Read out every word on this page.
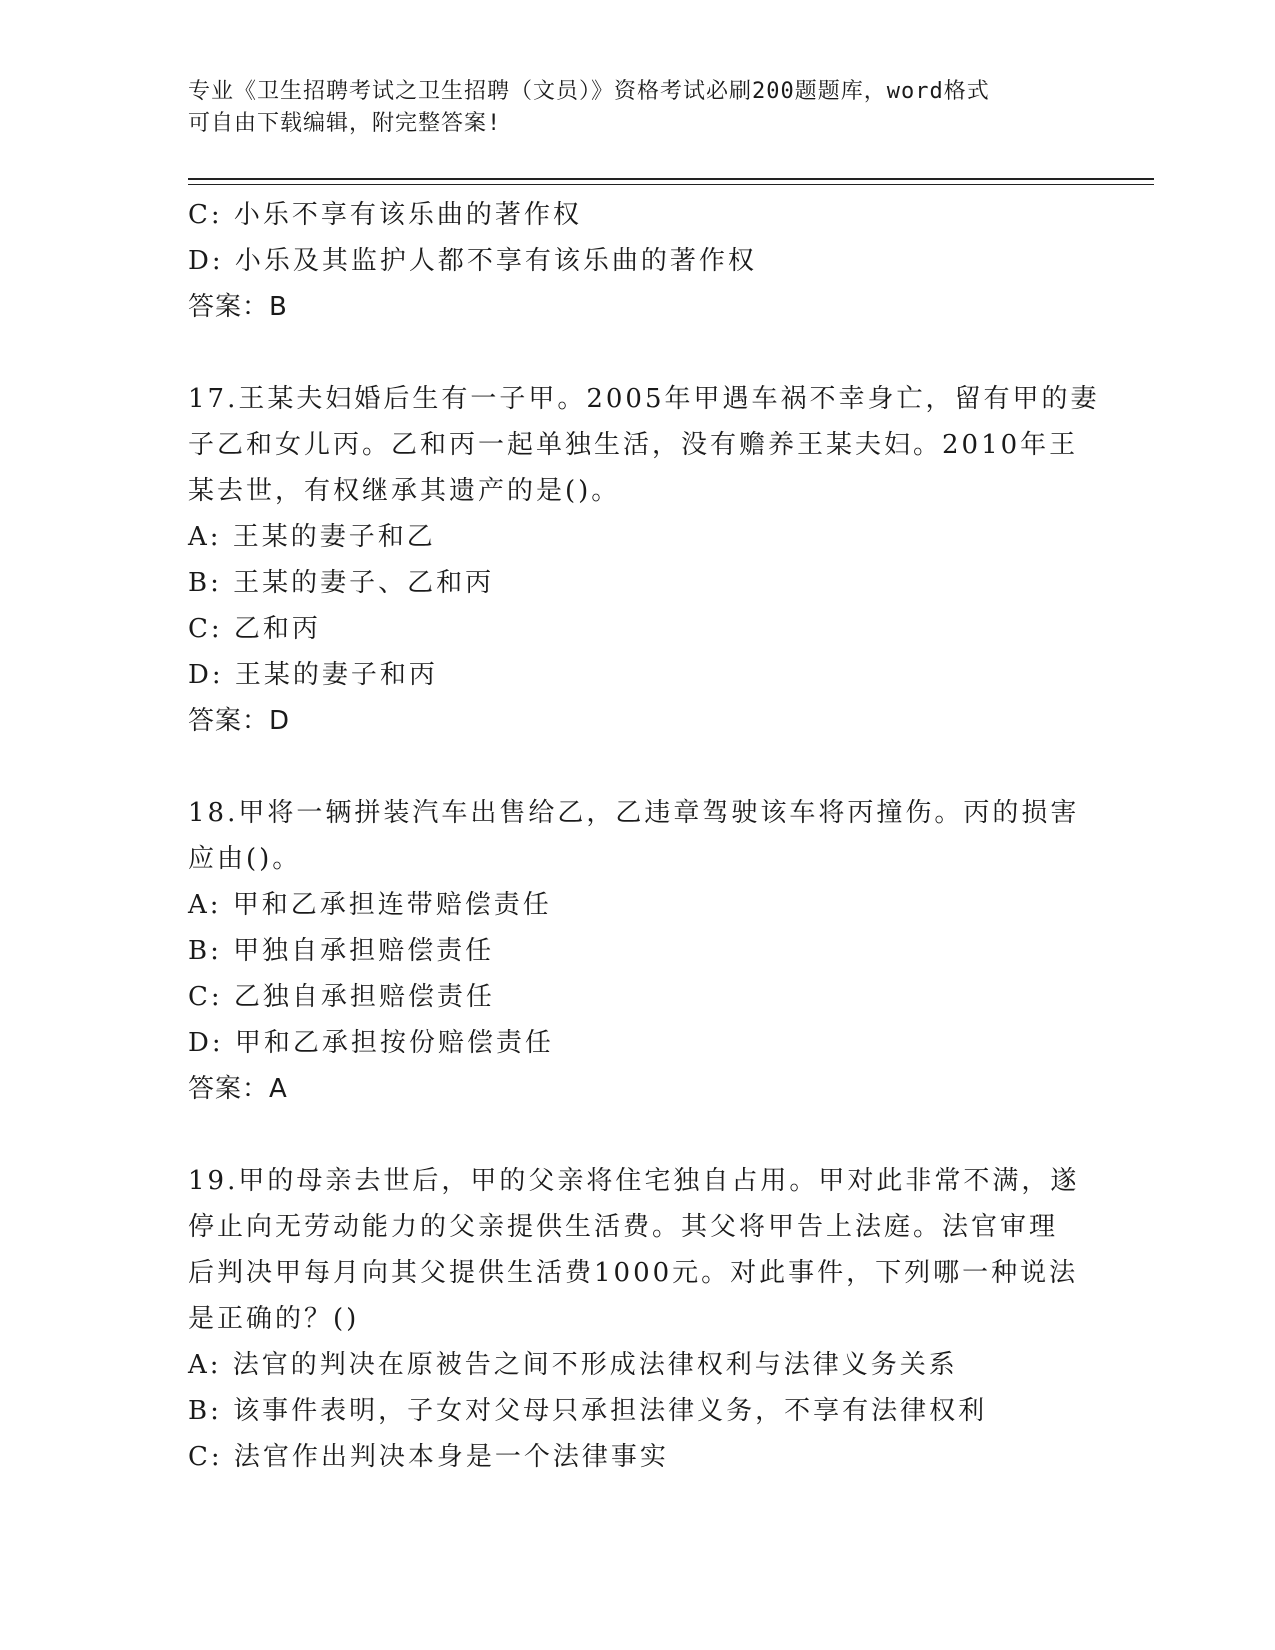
专业《卫生招聘考试之卫生招聘（文员）》资格考试必刷200题题库，word格式
可自由下载编辑，附完整答案!
C: 小乐不享有该乐曲的著作权
D: 小乐及其监护人都不享有该乐曲的著作权
答案：B
17.王某夫妇婚后生有一子甲。2005年甲遇车祸不幸身亡，留有甲的妻
子乙和女儿丙。乙和丙一起单独生活，没有赡养王某夫妇。2010年王
某去世，有权继承其遗产的是()。
A: 王某的妻子和乙
B: 王某的妻子、乙和丙
C: 乙和丙
D: 王某的妻子和丙
答案：D
18.甲将一辆拼装汽车出售给乙，乙违章驾驶该车将丙撞伤。丙的损害
应由()。
A: 甲和乙承担连带赔偿责任
B: 甲独自承担赔偿责任
C: 乙独自承担赔偿责任
D: 甲和乙承担按份赔偿责任
答案：A
19.甲的母亲去世后，甲的父亲将住宅独自占用。甲对此非常不满，遂
停止向无劳动能力的父亲提供生活费。其父将甲告上法庭。法官审理
后判决甲每月向其父提供生活费1000元。对此事件，下列哪一种说法
是正确的？()
A: 法官的判决在原被告之间不形成法律权利与法律义务关系
B: 该事件表明，子女对父母只承担法律义务，不享有法律权利
C: 法官作出判决本身是一个法律事实
